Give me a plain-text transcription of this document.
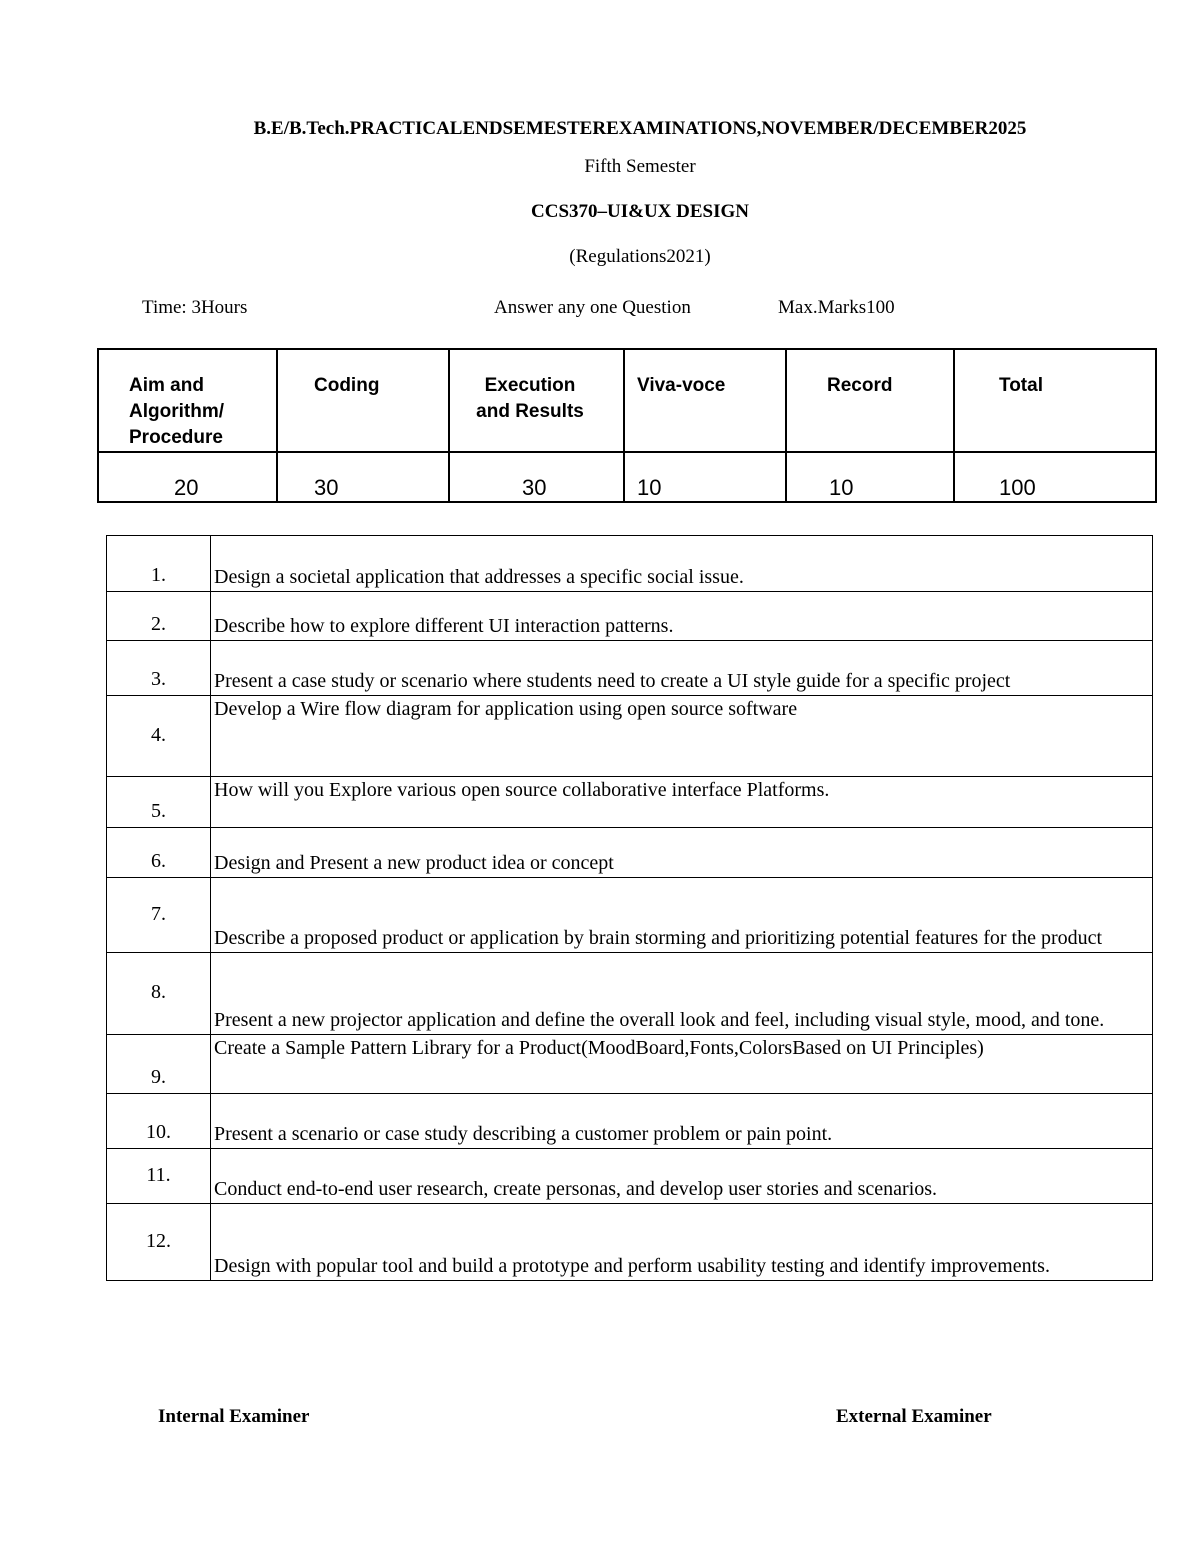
B.E/B.Tech.PRACTICALENDSEMESTEREXAMINATIONS,NOVEMBER/DECEMBER2025
Fifth Semester
CCS370–UI&UX DESIGN
(Regulations2021)
Time: 3Hours	Answer any one Question	Max.Marks100
Aim and Algorithm/ Procedure	Coding	Execution and Results	Viva-voce	Record	Total
20	30	30	10	10	100
1.	Design a societal application that addresses a specific social issue.
2.	Describe how to explore different UI interaction patterns.
3.	Present a case study or scenario where students need to create a UI style guide for a specific project
4.	Develop a Wire flow diagram for application using open source software
5.	How will you Explore various open source collaborative interface Platforms.
6.	Design and Present a new product idea or concept
7.	Describe a proposed product or application by brain storming and prioritizing potential features for the product
8.	Present a new projector application and define the overall look and feel, including visual style, mood, and tone.
9.	Create a Sample Pattern Library for a Product(MoodBoard,Fonts,ColorsBased on UI Principles)
10.	Present a scenario or case study describing a customer problem or pain point.
11.	Conduct end-to-end user research, create personas, and develop user stories and scenarios.
12.	Design with popular tool and build a prototype and perform usability testing and identify improvements.
Internal Examiner	External Examiner
